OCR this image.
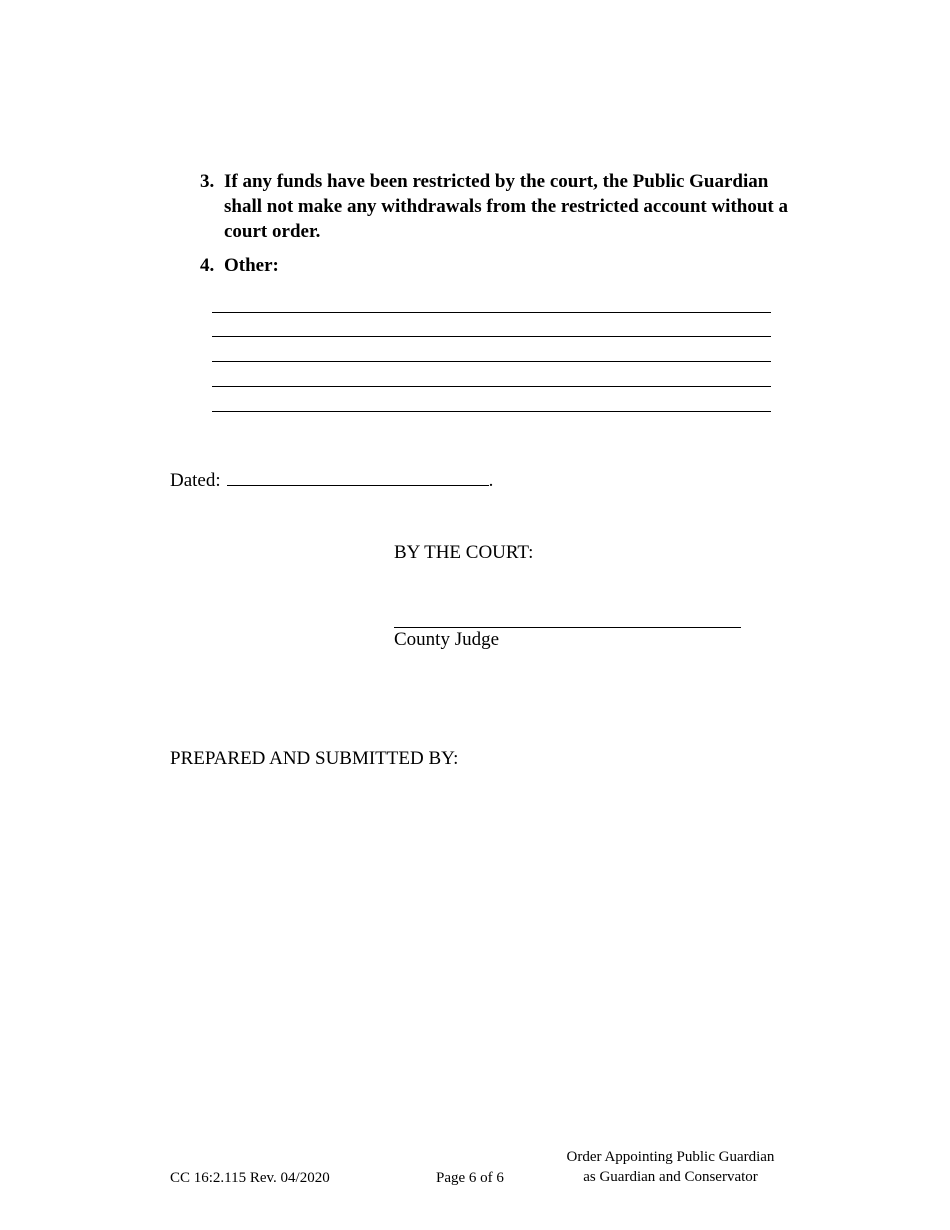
3. If any funds have been restricted by the court, the Public Guardian
shall not make any withdrawals from the restricted account without a
court order.
4. Other:
Dated:	.
BY THE COURT:
County Judge
PREPARED AND SUBMITTED BY:
CC 16:2.115 Rev. 04/2020	Page 6 of 6
Order Appointing Public Guardian
as Guardian and Conservator
